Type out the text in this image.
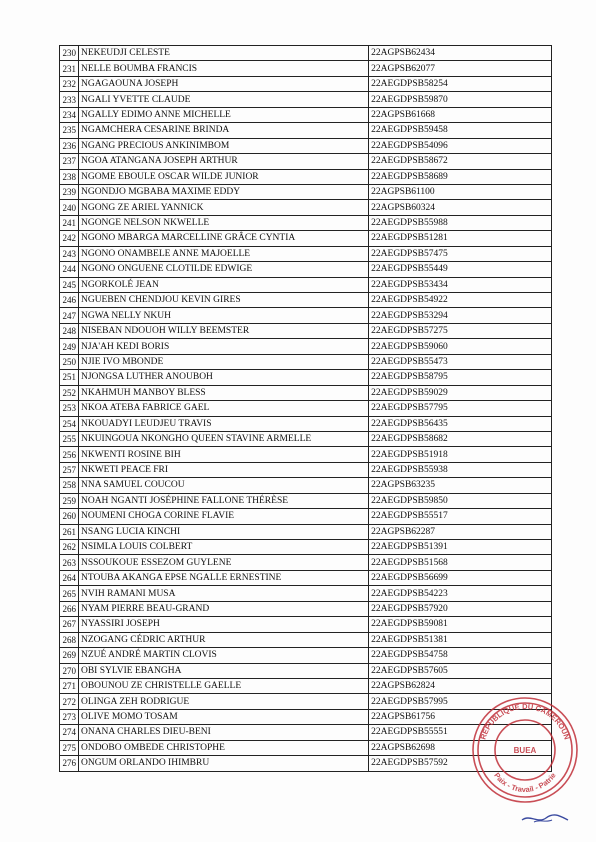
230	NEKEUDJI CELESTE	22AGPSB62434
231	NELLE BOUMBA FRANCIS	22AGPSB62077
232	NGAGAOUNA JOSEPH	22AEGDPSB58254
233	NGALI YVETTE CLAUDE	22AEGDPSB59870
234	NGALLY EDIMO ANNE MICHELLE	22AGPSB61668
235	NGAMCHERA CESARINE BRINDA	22AEGDPSB59458
236	NGANG PRECIOUS ANKINIMBOM	22AEGDPSB54096
237	NGOA ATANGANA JOSEPH ARTHUR	22AEGDPSB58672
238	NGOME EBOULE OSCAR WILDE JUNIOR	22AEGDPSB58689
239	NGONDJO MGBABA MAXIME EDDY	22AGPSB61100
240	NGONG ZE ARIEL YANNICK	22AGPSB60324
241	NGONGE NELSON NKWELLE	22AEGDPSB55988
242	NGONO MBARGA MARCELLINE GRÂCE CYNTIA	22AEGDPSB51281
243	NGONO ONAMBELE ANNE MAJOELLE	22AEGDPSB57475
244	NGONO ONGUENE CLOTILDE EDWIGE	22AEGDPSB55449
245	NGORKOLÉ JEAN	22AEGDPSB53434
246	NGUEBEN CHENDJOU KEVIN GIRES	22AEGDPSB54922
247	NGWA NELLY NKUH	22AEGDPSB53294
248	NISEBAN NDOUOH WILLY BEEMSTER	22AEGDPSB57275
249	NJA'AH KEDI BORIS	22AEGDPSB59060
250	NJIE IVO MBONDE	22AEGDPSB55473
251	NJONGSA LUTHER ANOUBOH	22AEGDPSB58795
252	NKAHMUH MANBOY BLESS	22AEGDPSB59029
253	NKOA ATEBA FABRICE GAEL	22AEGDPSB57795
254	NKOUADYI LEUDJEU TRAVIS	22AEGDPSB56435
255	NKUINGOUA NKONGHO QUEEN STAVINE ARMELLE	22AEGDPSB58682
256	NKWENTI ROSINE BIH	22AEGDPSB51918
257	NKWETI PEACE FRI	22AEGDPSB55938
258	NNA SAMUEL COUCOU	22AGPSB63235
259	NOAH NGANTI JOSÉPHINE FALLONE THÉRÈSE	22AEGDPSB59850
260	NOUMENI CHOGA CORINE FLAVIE	22AEGDPSB55517
261	NSANG LUCIA KINCHI	22AGPSB62287
262	NSIMLA LOUIS COLBERT	22AEGDPSB51391
263	NSSOUKOUE ESSEZOM GUYLENE	22AEGDPSB51568
264	NTOUBA AKANGA EPSE NGALLE ERNESTINE	22AEGDPSB56699
265	NVIH RAMANI MUSA	22AEGDPSB54223
266	NYAM PIERRE BEAU-GRAND	22AEGDPSB57920
267	NYASSIRI JOSEPH	22AEGDPSB59081
268	NZOGANG CÉDRIC ARTHUR	22AEGDPSB51381
269	NZUÉ ANDRÉ MARTIN CLOVIS	22AEGDPSB54758
270	OBI SYLVIE EBANGHA	22AEGDPSB57605
271	OBOUNOU ZE CHRISTELLE GAELLE	22AGPSB62824
272	OLINGA ZEH RODRIGUE	22AEGDPSB57995
273	OLIVE MOMO TOSAM	22AGPSB61756
274	ONANA CHARLES DIEU-BENI	22AEGDPSB55551
275	ONDOBO OMBEDE CHRISTOPHE	22AGPSB62698
276	ONGUM ORLANDO IHIMBRU	22AEGDPSB57592
REPUBLIQUE DU CAMEROUN
Paix - Travail - Patrie
BUEA
